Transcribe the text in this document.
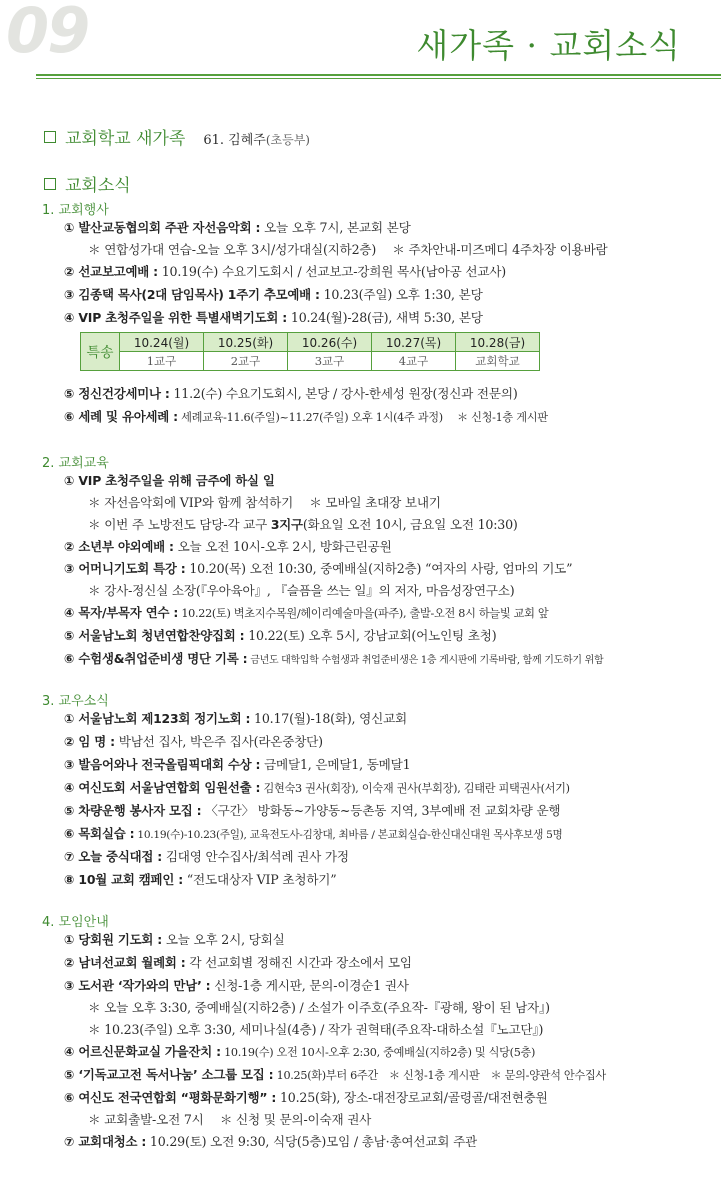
09	새가족 · 교회소식
교회학교 새가족 61. 김혜주(초등부)
교회소식
1. 교회행사
① 발산교동협의회 주관 자선음악회 : 오늘 오후 7시, 본교회 본당
＊ 연합성가대 연습-오늘 오후 3시/성가대실(지하2층)　 ＊ 주차안내-미즈메디 4주차장 이용바람
② 선교보고예배 : 10.19(수) 수요기도회시 / 선교보고-강희원 목사(남아공 선교사)
③ 김종택 목사(2대 담임목사) 1주기 추모예배 : 10.23(주일) 오후 1:30, 본당
④ VIP 초청주일을 위한 특별새벽기도회 : 10.24(월)-28(금), 새벽 5:30, 본당
특송	10.24(월)	10.25(화)	10.26(수)	10.27(목)	10.28(금)
	1교구	2교구	3교구	4교구	교회학교
⑤ 정신건강세미나 : 11.2(수) 수요기도회시, 본당 / 강사-한세성 원장(정신과 전문의)
⑥ 세례 및 유아세례 : 세례교육-11.6(주일)~11.27(주일) 오후 1시(4주 과정)　 ＊ 신청-1층 게시판
2. 교회교육
① VIP 초청주일을 위해 금주에 하실 일
＊ 자선음악회에 VIP와 함께 참석하기　 ＊ 모바일 초대장 보내기
＊ 이번 주 노방전도 담당-각 교구 3지구(화요일 오전 10시, 금요일 오전 10:30)
② 소년부 야외예배 : 오늘 오전 10시-오후 2시, 방화근린공원
③ 어머니기도회 특강 : 10.20(목) 오전 10:30, 중예배실(지하2층) “여자의 사랑, 엄마의 기도”
＊ 강사-정신실 소장(『우아육아』, 『슬픔을 쓰는 일』의 저자, 마음성장연구소)
④ 목자/부목자 연수 : 10.22(토) 벽초지수목원/헤이리예술마을(파주), 출발-오전 8시 하늘빛 교회 앞
⑤ 서울남노회 청년연합찬양집회 : 10.22(토) 오후 5시, 강남교회(어노인팅 초청)
⑥ 수험생&취업준비생 명단 기록 : 금년도 대학입학 수험생과 취업준비생은 1층 게시판에 기록바람, 함께 기도하기 위함
3. 교우소식
① 서울남노회 제123회 정기노회 : 10.17(월)-18(화), 영신교회
② 임 명 : 박남선 집사, 박은주 집사(라온중창단)
③ 발음어와나 전국올림픽대회 수상 : 금메달1, 은메달1, 동메달1
④ 여신도회 서울남연합회 임원선출 : 김현숙3 권사(회장), 이숙재 권사(부회장), 김태란 피택권사(서기)
⑤ 차량운행 봉사자 모집 : 〈구간〉 방화동~가양동~등촌동 지역, 3부예배 전 교회차량 운행
⑥ 목회실습 : 10.19(수)-10.23(주일), 교육전도사-김창대, 최바름 / 본교회실습-한신대신대원 목사후보생 5명
⑦ 오늘 중식대접 : 김대영 안수집사/최석례 권사 가정
⑧ 10월 교회 캠페인 : “전도대상자 VIP 초청하기”
4. 모임안내
① 당회원 기도회 : 오늘 오후 2시, 당회실
② 남녀선교회 월례회 : 각 선교회별 정해진 시간과 장소에서 모임
③ 도서관 ‘작가와의 만남’ : 신청-1층 게시판, 문의-이경순1 권사
＊ 오늘 오후 3:30, 중예배실(지하2층) / 소설가 이주호(주요작-『광해, 왕이 된 남자』)
＊ 10.23(주일) 오후 3:30, 세미나실(4층) / 작가 권혁태(주요작-대하소설『노고단』)
④ 어르신문화교실 가을잔치 : 10.19(수) 오전 10시-오후 2:30, 중예배실(지하2층) 및 식당(5층)
⑤ ‘기독교고전 독서나눔’ 소그룹 모집 : 10.25(화)부터 6주간　＊ 신청-1층 게시판　＊ 문의-양관석 안수집사
⑥ 여신도 전국연합회 “평화문화기행” : 10.25(화), 장소-대전장로교회/골령골/대전현충원
＊ 교회출발-오전 7시　 ＊ 신청 및 문의-이숙재 권사
⑦ 교회대청소 : 10.29(토) 오전 9:30, 식당(5층)모임 / 총남·총여선교회 주관
